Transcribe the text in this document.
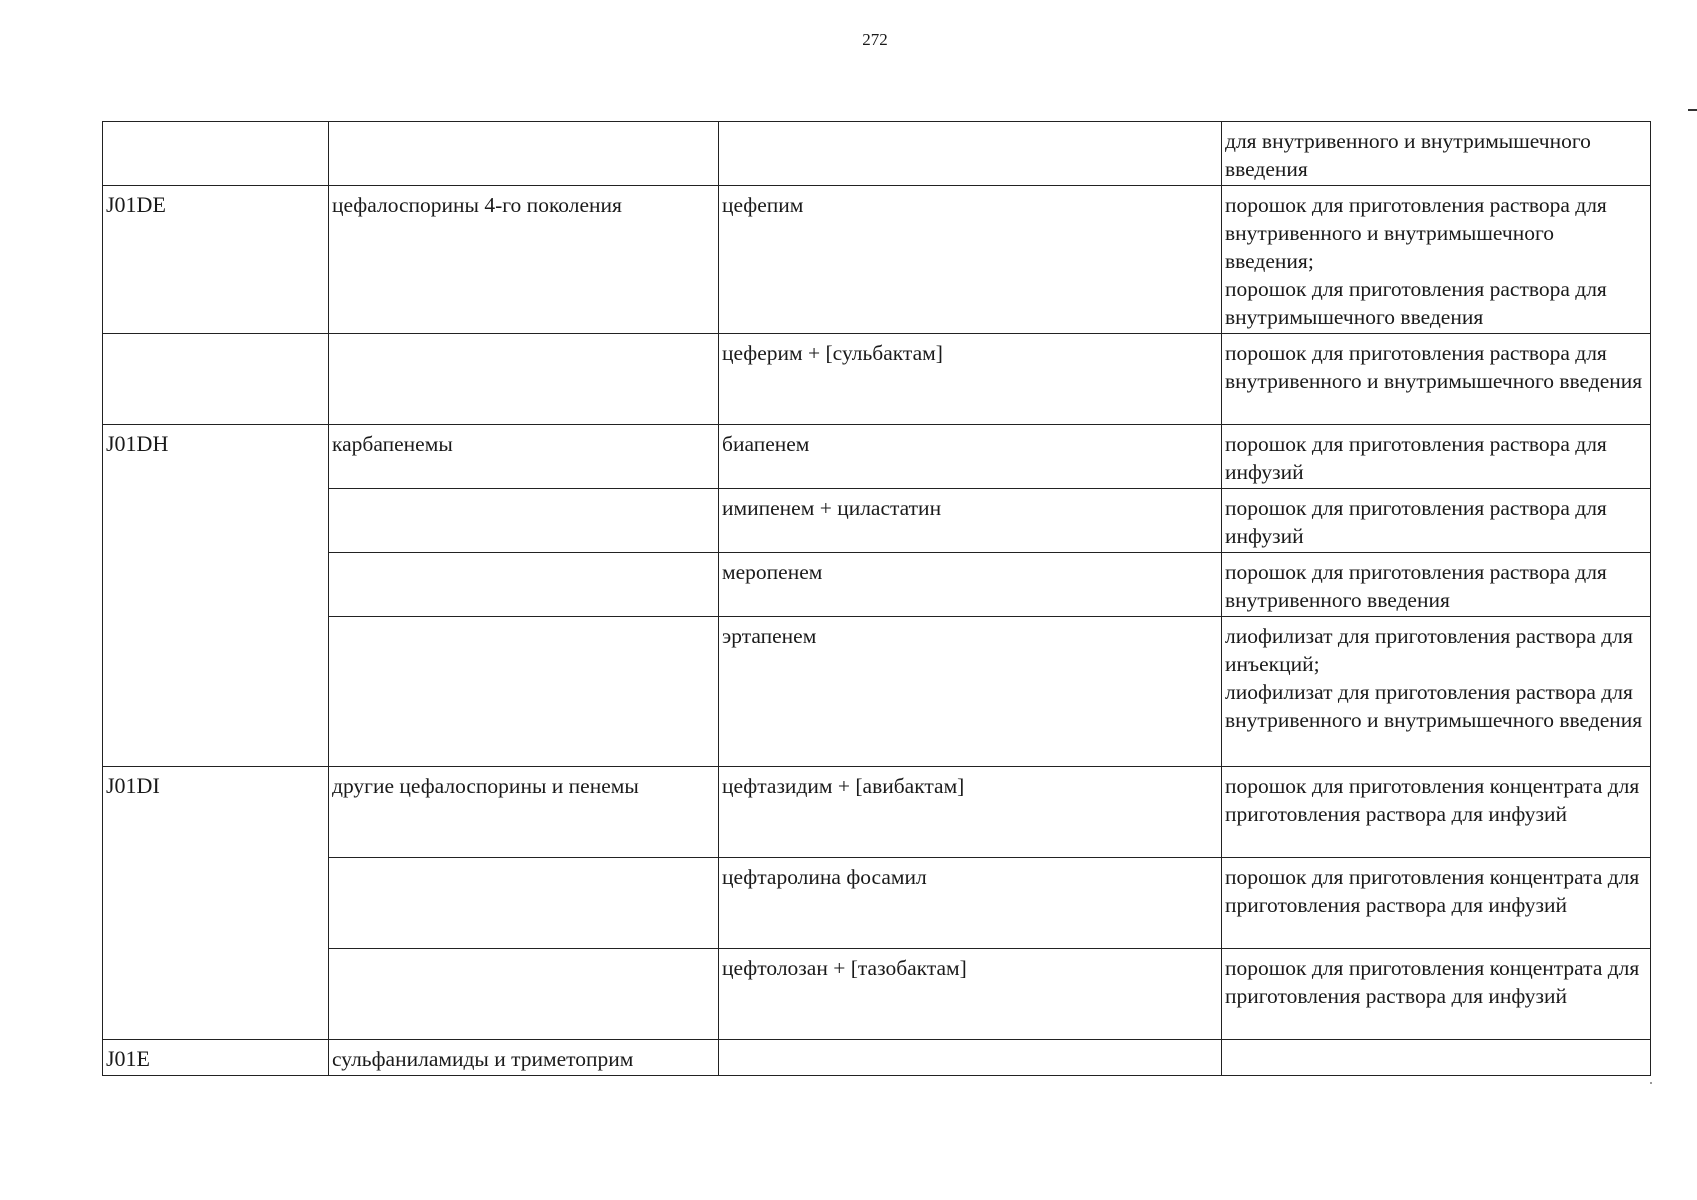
272
			для внутривенного и внутримышечного введения
J01DE	цефалоспорины 4-го поколения	цефепим	порошок для приготовления раствора для внутривенного и внутримышечного введения;
порошок для приготовления раствора для внутримышечного введения
		цеферим + [сульбактам]	порошок для приготовления раствора для внутривенного и внутримышечного введения
J01DH	карбапенемы	биапенем	порошок для приготовления раствора для инфузий
		имипенем + циластатин	порошок для приготовления раствора для инфузий
		меропенем	порошок для приготовления раствора для внутривенного введения
		эртапенем	лиофилизат для приготовления раствора для инъекций;
лиофилизат для приготовления раствора для внутривенного и внутримышечного введения
J01DI	другие цефалоспорины и пенемы	цефтазидим + [авибактам]	порошок для приготовления концентрата для приготовления раствора для инфузий
		цефтаролина фосамил	порошок для приготовления концентрата для приготовления раствора для инфузий
		цефтолозан + [тазобактам]	порошок для приготовления концентрата для приготовления раствора для инфузий
J01E	сульфаниламиды и триметоприм		
